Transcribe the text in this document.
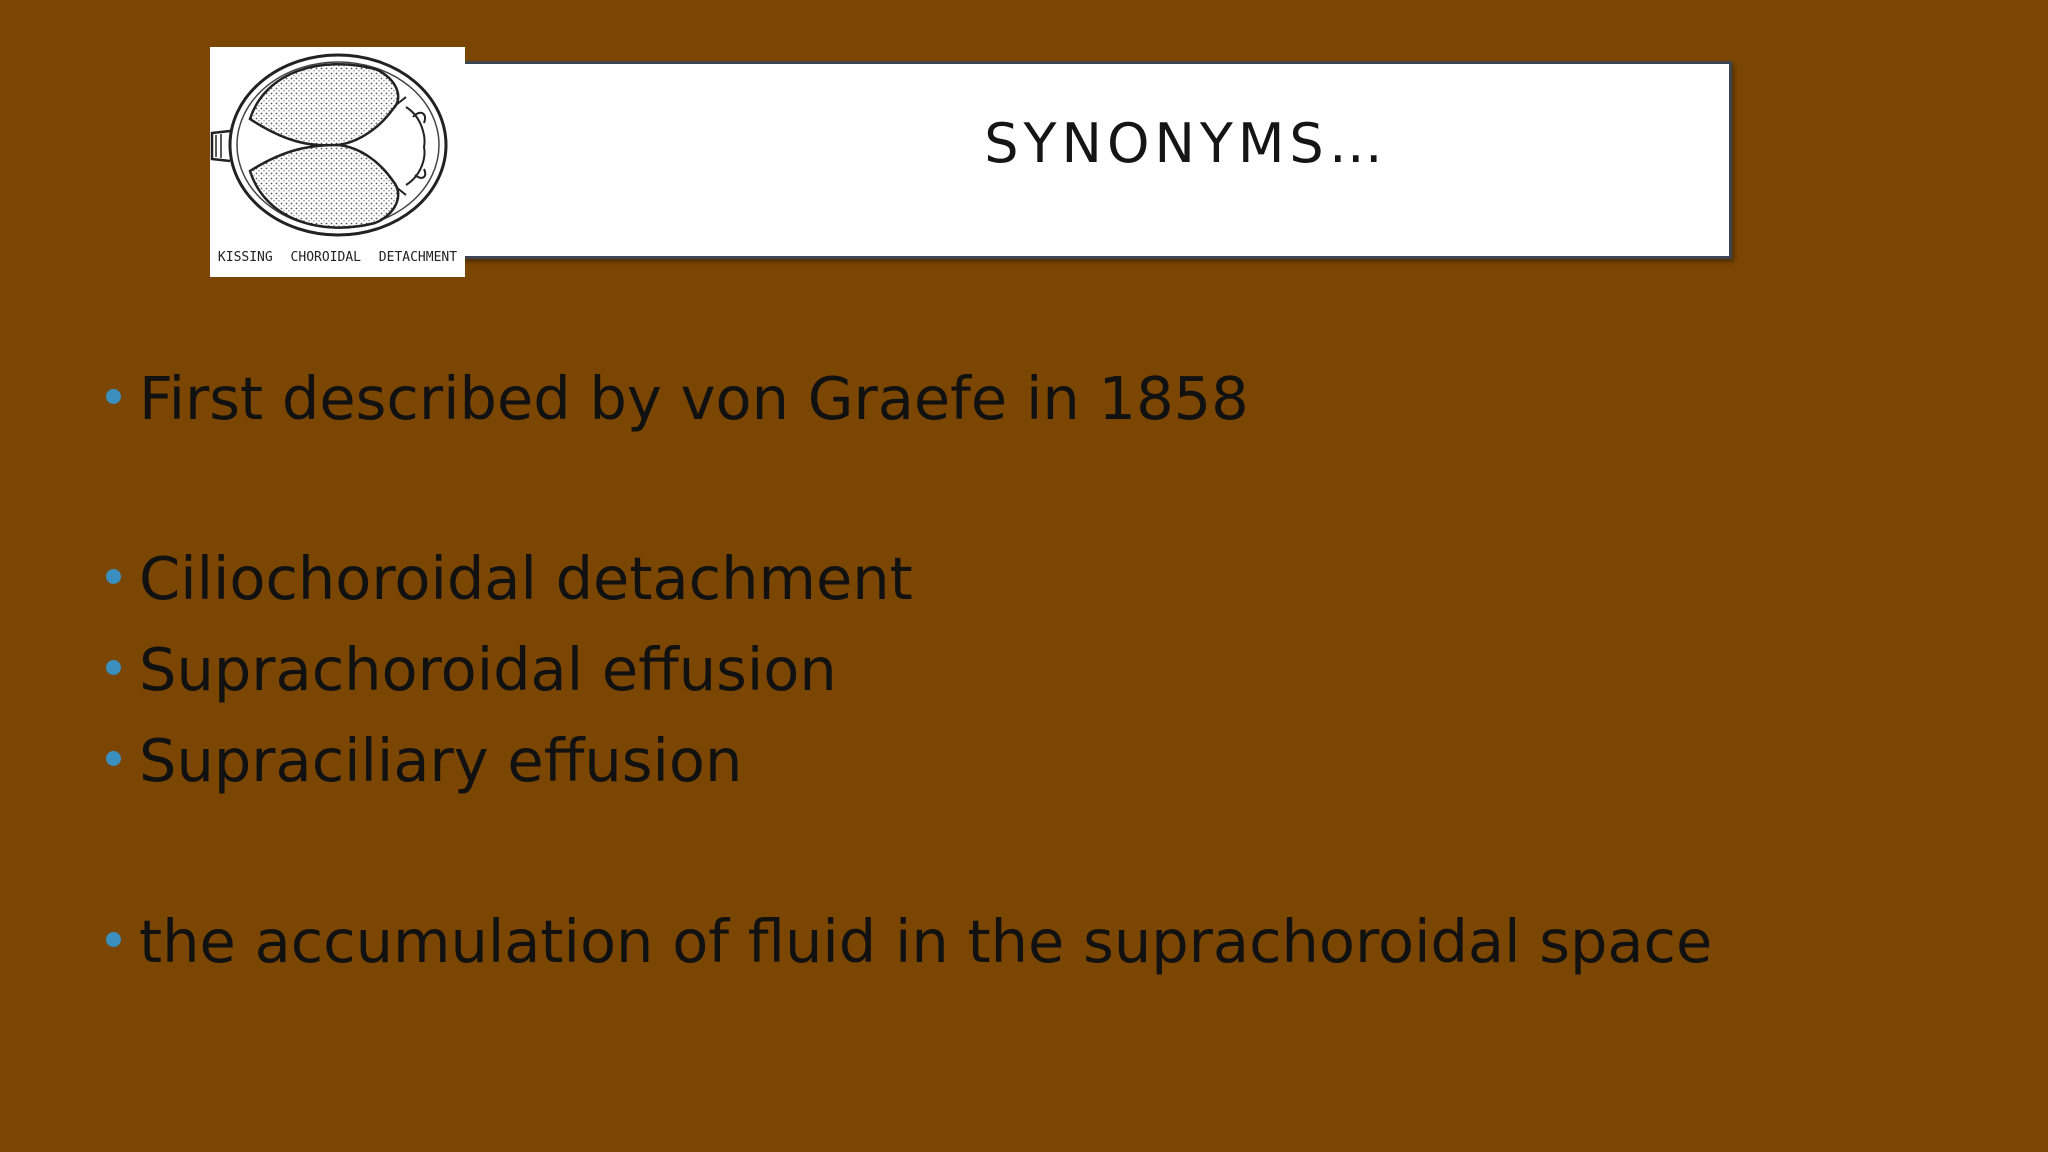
SYNONYMS…
KISSING CHOROIDAL DETACHMENT
First described by von Graefe in 1858
Ciliochoroidal detachment
Suprachoroidal effusion
Supraciliary effusion
the accumulation of fluid in the suprachoroidal space
